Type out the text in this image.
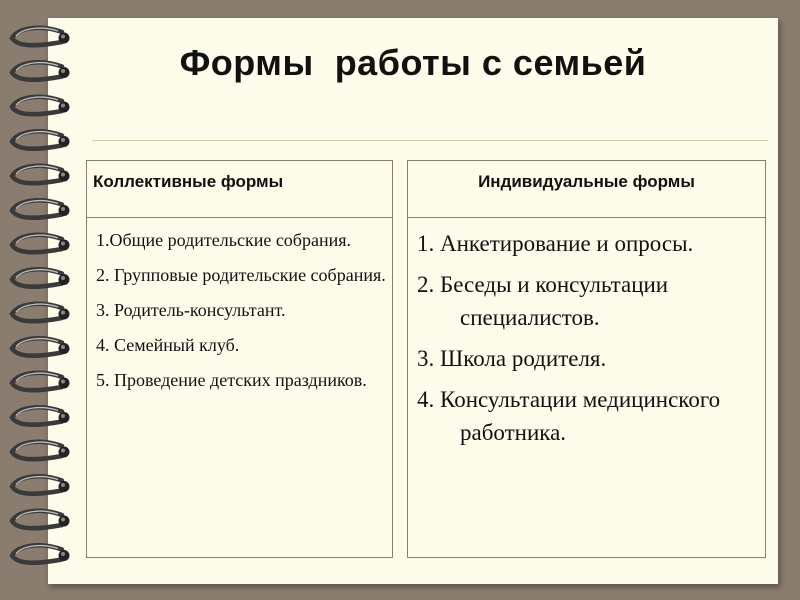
Формы  работы с семьей
Коллективные формы
1.Общие родительские собрания.
2. Групповые родительские собрания.
3. Родитель-консультант.
4. Семейный клуб.
5. Проведение детских праздников.
Индивидуальные формы
1. Анкетирование и опросы.
2. Беседы и консультации специалистов.
3. Школа родителя.
4. Консультации медицинского работника.
